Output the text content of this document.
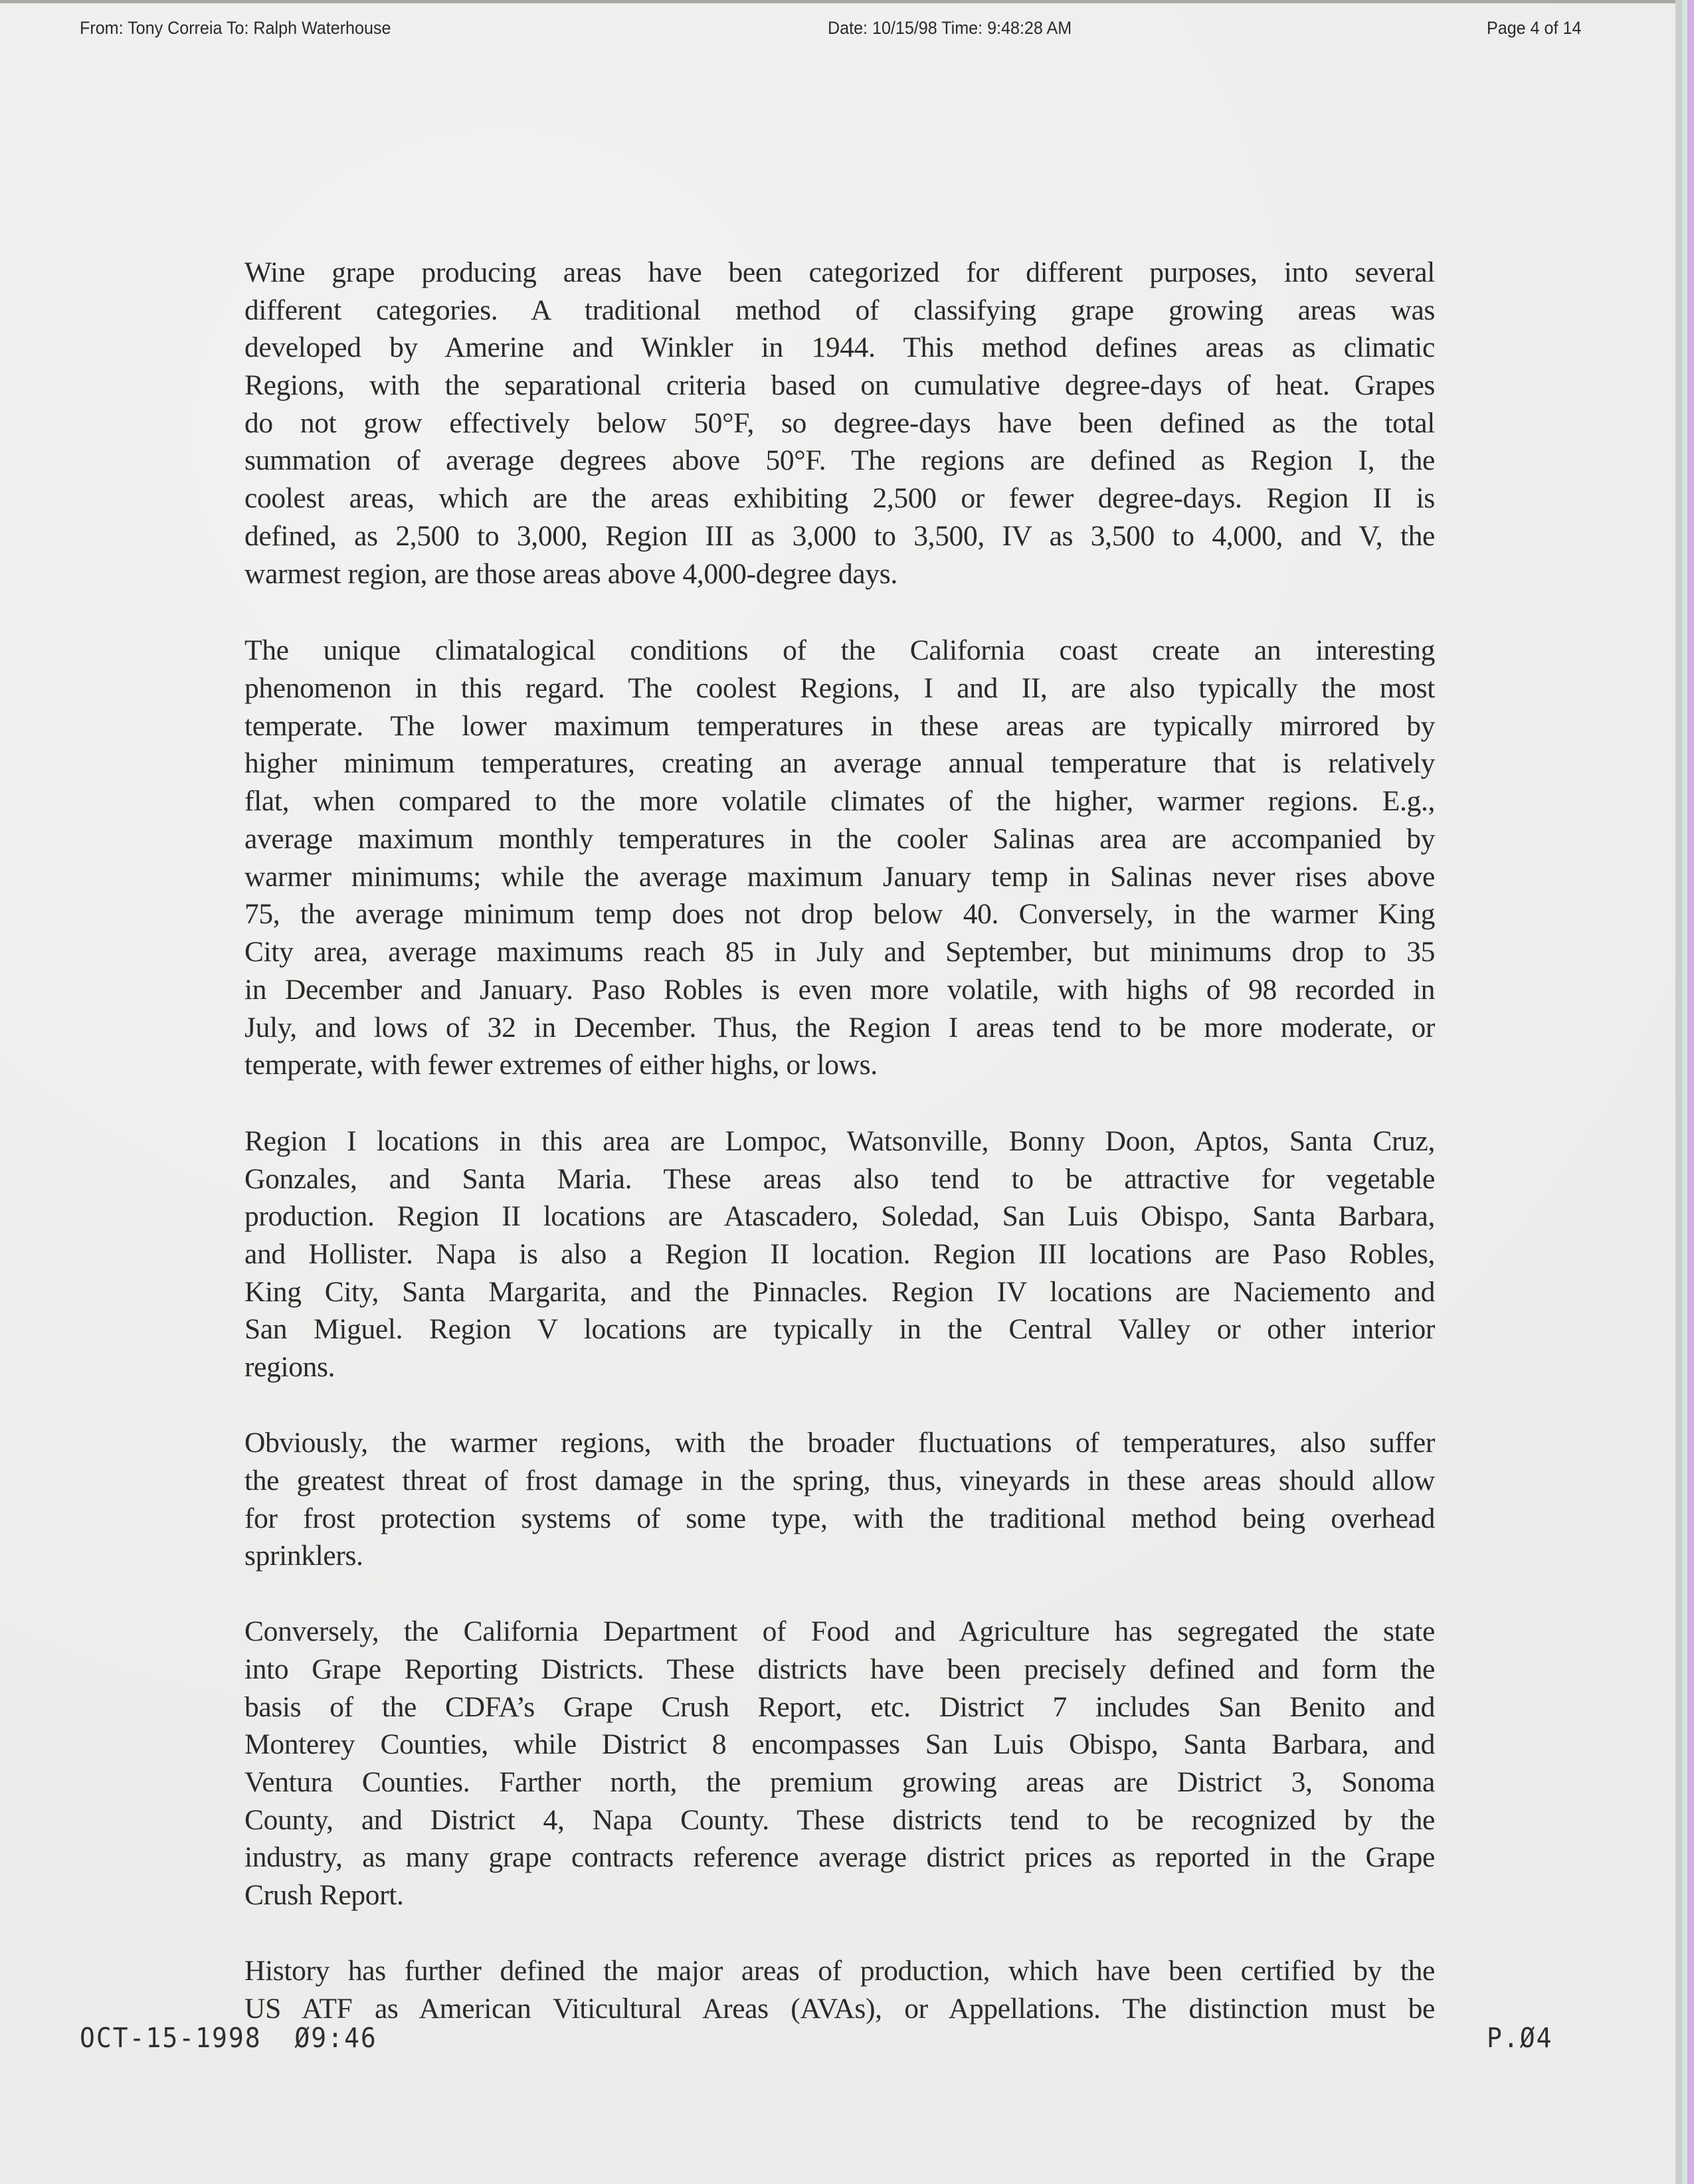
From: Tony Correia To: Ralph Waterhouse	Date: 10/15/98 Time: 9:48:28 AM	Page 4 of 14
Wine grape producing areas have been categorized for different purposes, into several
different categories. A traditional method of classifying grape growing areas was
developed by Amerine and Winkler in 1944. This method defines areas as climatic
Regions, with the separational criteria based on cumulative degree-days of heat. Grapes
do not grow effectively below 50°F, so degree-days have been defined as the total
summation of average degrees above 50°F. The regions are defined as Region I, the
coolest areas, which are the areas exhibiting 2,500 or fewer degree-days. Region II is
defined, as 2,500 to 3,000, Region III as 3,000 to 3,500, IV as 3,500 to 4,000, and V, the
warmest region, are those areas above 4,000-degree days.
The unique climatalogical conditions of the California coast create an interesting
phenomenon in this regard. The coolest Regions, I and II, are also typically the most
temperate. The lower maximum temperatures in these areas are typically mirrored by
higher minimum temperatures, creating an average annual temperature that is relatively
flat, when compared to the more volatile climates of the higher, warmer regions. E.g.,
average maximum monthly temperatures in the cooler Salinas area are accompanied by
warmer minimums; while the average maximum January temp in Salinas never rises above
75, the average minimum temp does not drop below 40. Conversely, in the warmer King
City area, average maximums reach 85 in July and September, but minimums drop to 35
in December and January. Paso Robles is even more volatile, with highs of 98 recorded in
July, and lows of 32 in December. Thus, the Region I areas tend to be more moderate, or
temperate, with fewer extremes of either highs, or lows.
Region I locations in this area are Lompoc, Watsonville, Bonny Doon, Aptos, Santa Cruz,
Gonzales, and Santa Maria. These areas also tend to be attractive for vegetable
production. Region II locations are Atascadero, Soledad, San Luis Obispo, Santa Barbara,
and Hollister. Napa is also a Region II location. Region III locations are Paso Robles,
King City, Santa Margarita, and the Pinnacles. Region IV locations are Naciemento and
San Miguel. Region V locations are typically in the Central Valley or other interior
regions.
Obviously, the warmer regions, with the broader fluctuations of temperatures, also suffer
the greatest threat of frost damage in the spring, thus, vineyards in these areas should allow
for frost protection systems of some type, with the traditional method being overhead
sprinklers.
Conversely, the California Department of Food and Agriculture has segregated the state
into Grape Reporting Districts. These districts have been precisely defined and form the
basis of the CDFA’s Grape Crush Report, etc. District 7 includes San Benito and
Monterey Counties, while District 8 encompasses San Luis Obispo, Santa Barbara, and
Ventura Counties. Farther north, the premium growing areas are District 3, Sonoma
County, and District 4, Napa County. These districts tend to be recognized by the
industry, as many grape contracts reference average district prices as reported in the Grape
Crush Report.
History has further defined the major areas of production, which have been certified by the
US ATF as American Viticultural Areas (AVAs), or Appellations. The distinction must be
OCT-15-1998  Ø9:46	P.Ø4
